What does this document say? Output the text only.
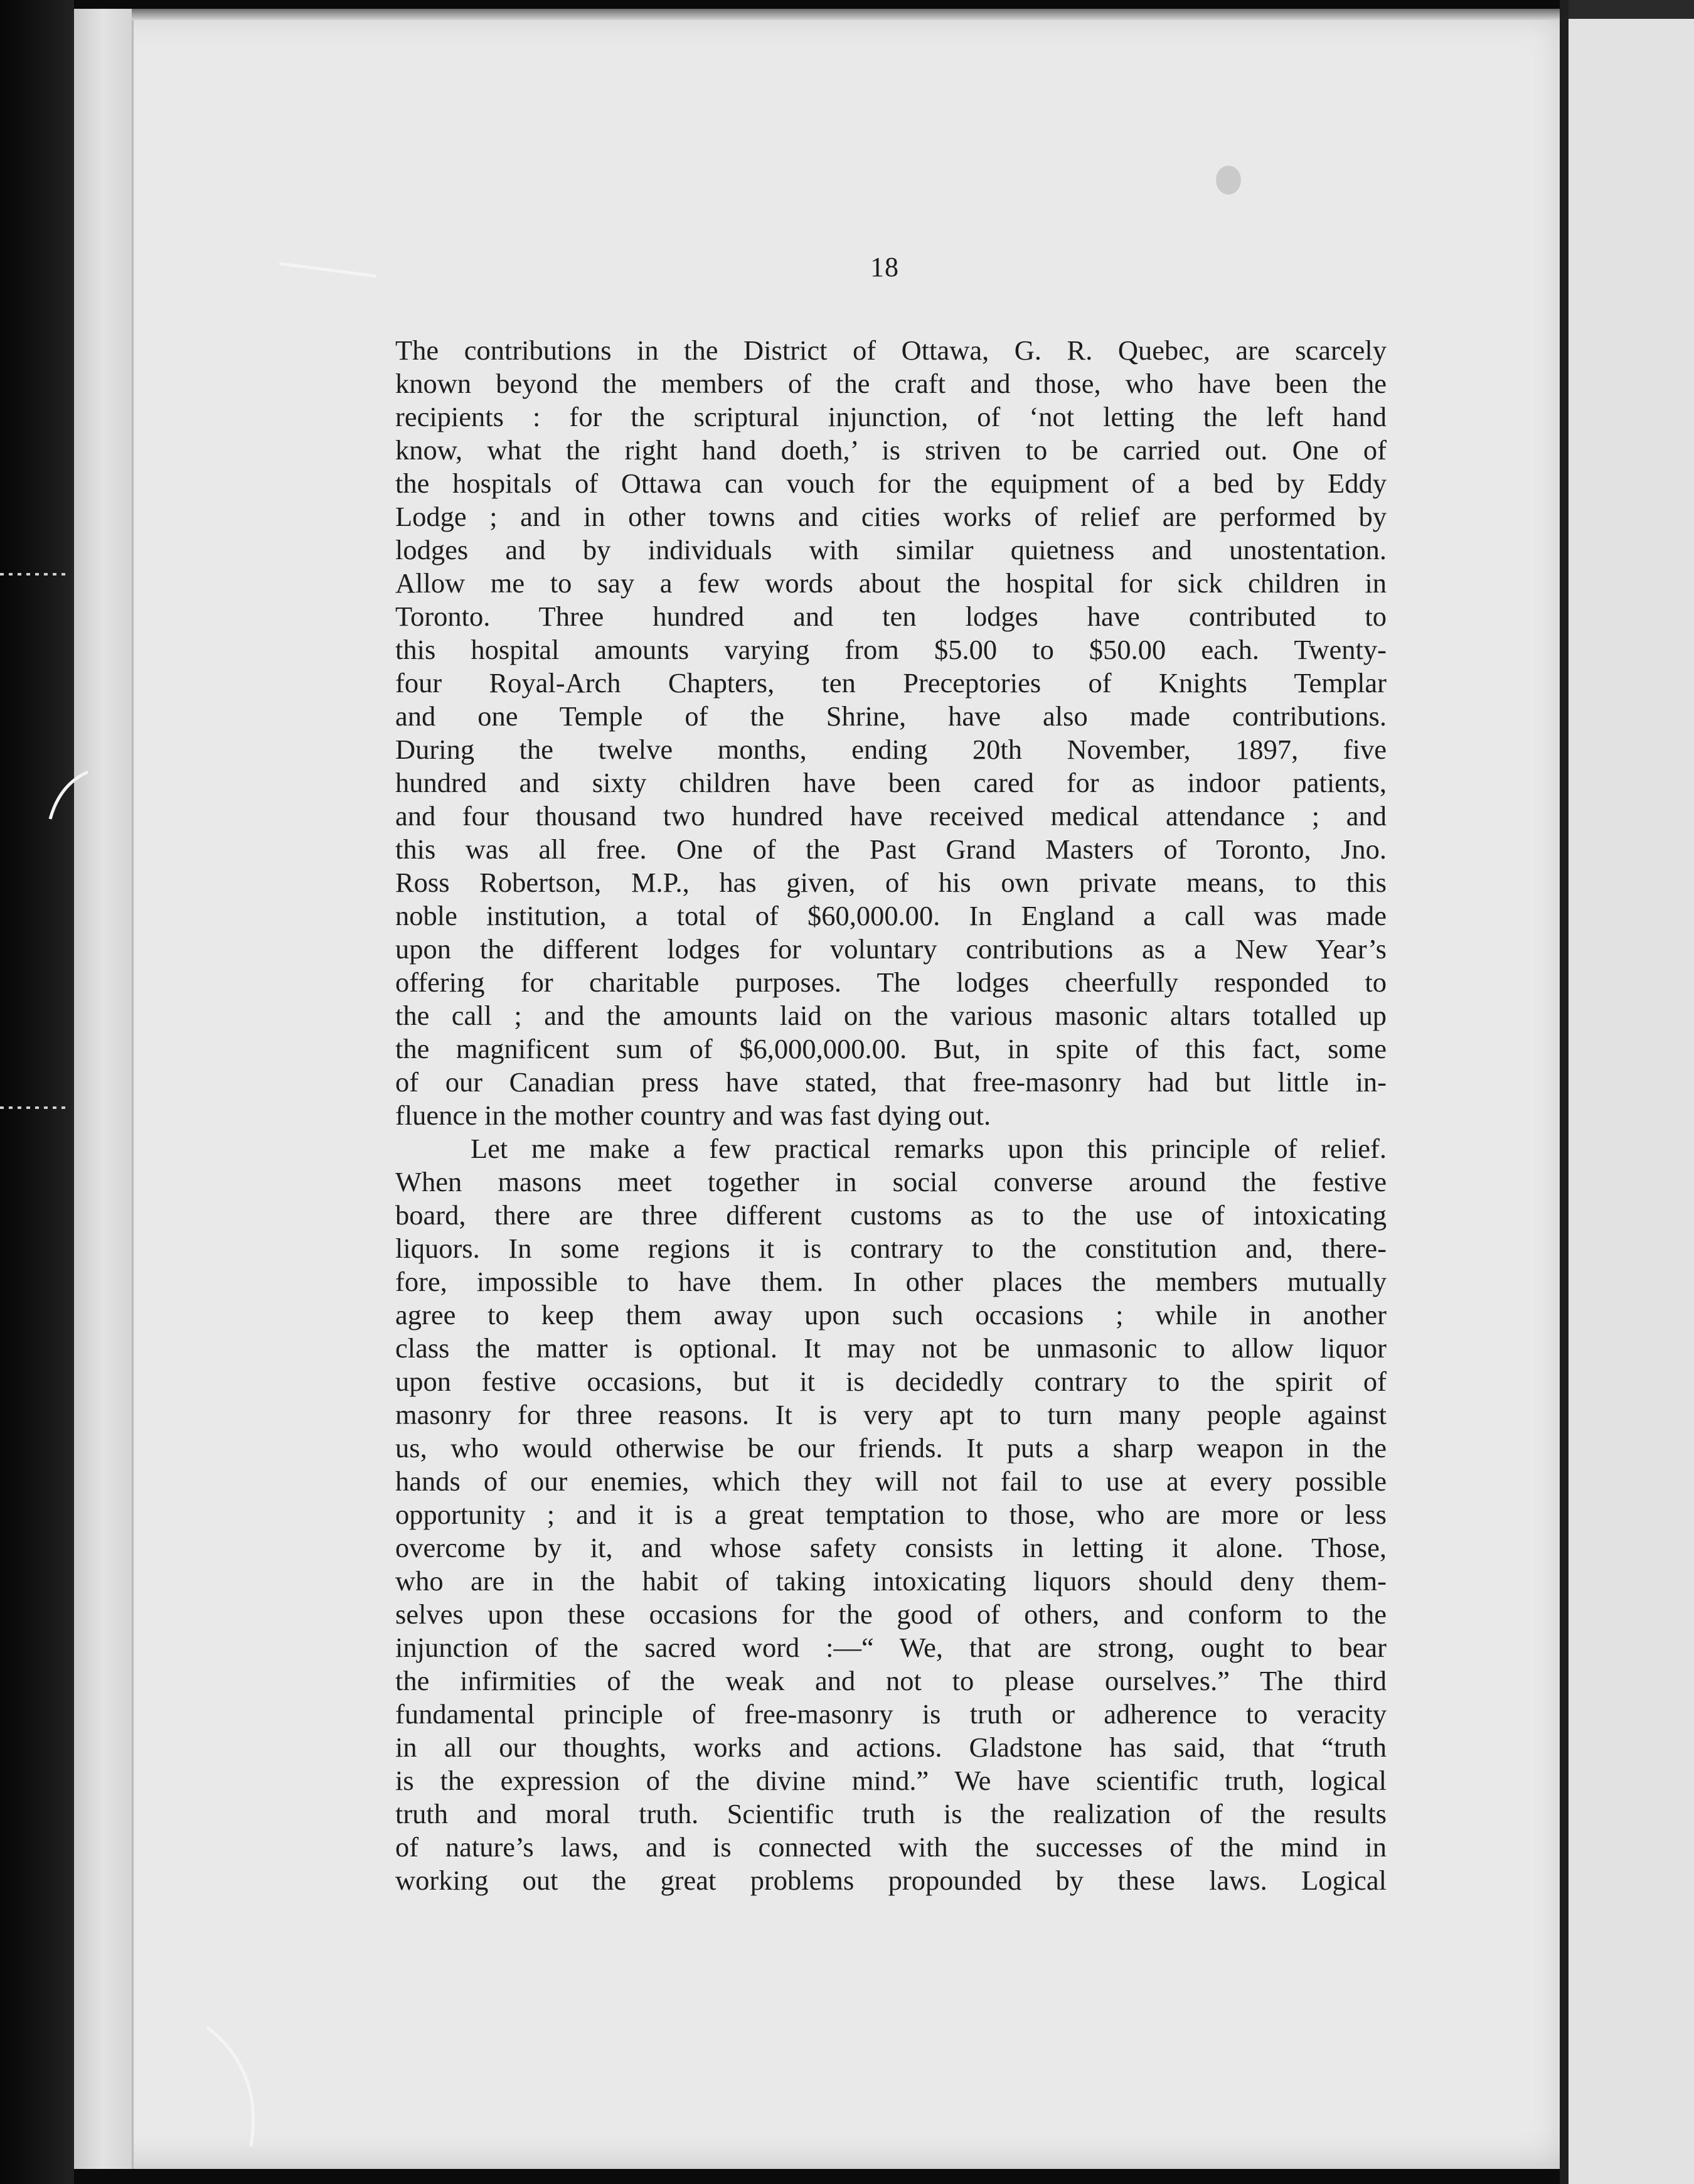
18
The contributions in the District of Ottawa, G. R. Quebec, are scarcely
known beyond the members of the craft and those, who have been the
recipients : for the scriptural injunction, of ‘not letting the left hand
know, what the right hand doeth,’ is striven to be carried out. One of
the hospitals of Ottawa can vouch for the equipment of a bed by Eddy
Lodge ; and in other towns and cities works of relief are performed by
lodges and by individuals with similar quietness and unostentation.
Allow me to say a few words about the hospital for sick children in
Toronto. Three hundred and ten lodges have contributed to
this hospital amounts varying from $5.00 to $50.00 each. Twenty-
four Royal-Arch Chapters, ten Preceptories of Knights Templar
and one Temple of the Shrine, have also made contributions.
During the twelve months, ending 20th November, 1897, five
hundred and sixty children have been cared for as indoor patients,
and four thousand two hundred have received medical attendance ; and
this was all free. One of the Past Grand Masters of Toronto, Jno.
Ross Robertson, M.P., has given, of his own private means, to this
noble institution, a total of $60,000.00. In England a call was made
upon the different lodges for voluntary contributions as a New Year’s
offering for charitable purposes. The lodges cheerfully responded to
the call ; and the amounts laid on the various masonic altars totalled up
the magnificent sum of $6,000,000.00. But, in spite of this fact, some
of our Canadian press have stated, that free-masonry had but little in-
fluence in the mother country and was fast dying out.
Let me make a few practical remarks upon this principle of relief.
When masons meet together in social converse around the festive
board, there are three different customs as to the use of intoxicating
liquors. In some regions it is contrary to the constitution and, there-
fore, impossible to have them. In other places the members mutually
agree to keep them away upon such occasions ; while in another
class the matter is optional. It may not be unmasonic to allow liquor
upon festive occasions, but it is decidedly contrary to the spirit of
masonry for three reasons. It is very apt to turn many people against
us, who would otherwise be our friends. It puts a sharp weapon in the
hands of our enemies, which they will not fail to use at every possible
opportunity ; and it is a great temptation to those, who are more or less
overcome by it, and whose safety consists in letting it alone. Those,
who are in the habit of taking intoxicating liquors should deny them-
selves upon these occasions for the good of others, and conform to the
injunction of the sacred word :—“ We, that are strong, ought to bear
the infirmities of the weak and not to please ourselves.” The third
fundamental principle of free-masonry is truth or adherence to veracity
in all our thoughts, works and actions. Gladstone has said, that “truth
is the expression of the divine mind.” We have scientific truth, logical
truth and moral truth. Scientific truth is the realization of the results
of nature’s laws, and is connected with the successes of the mind in
working out the great problems propounded by these laws. Logical
